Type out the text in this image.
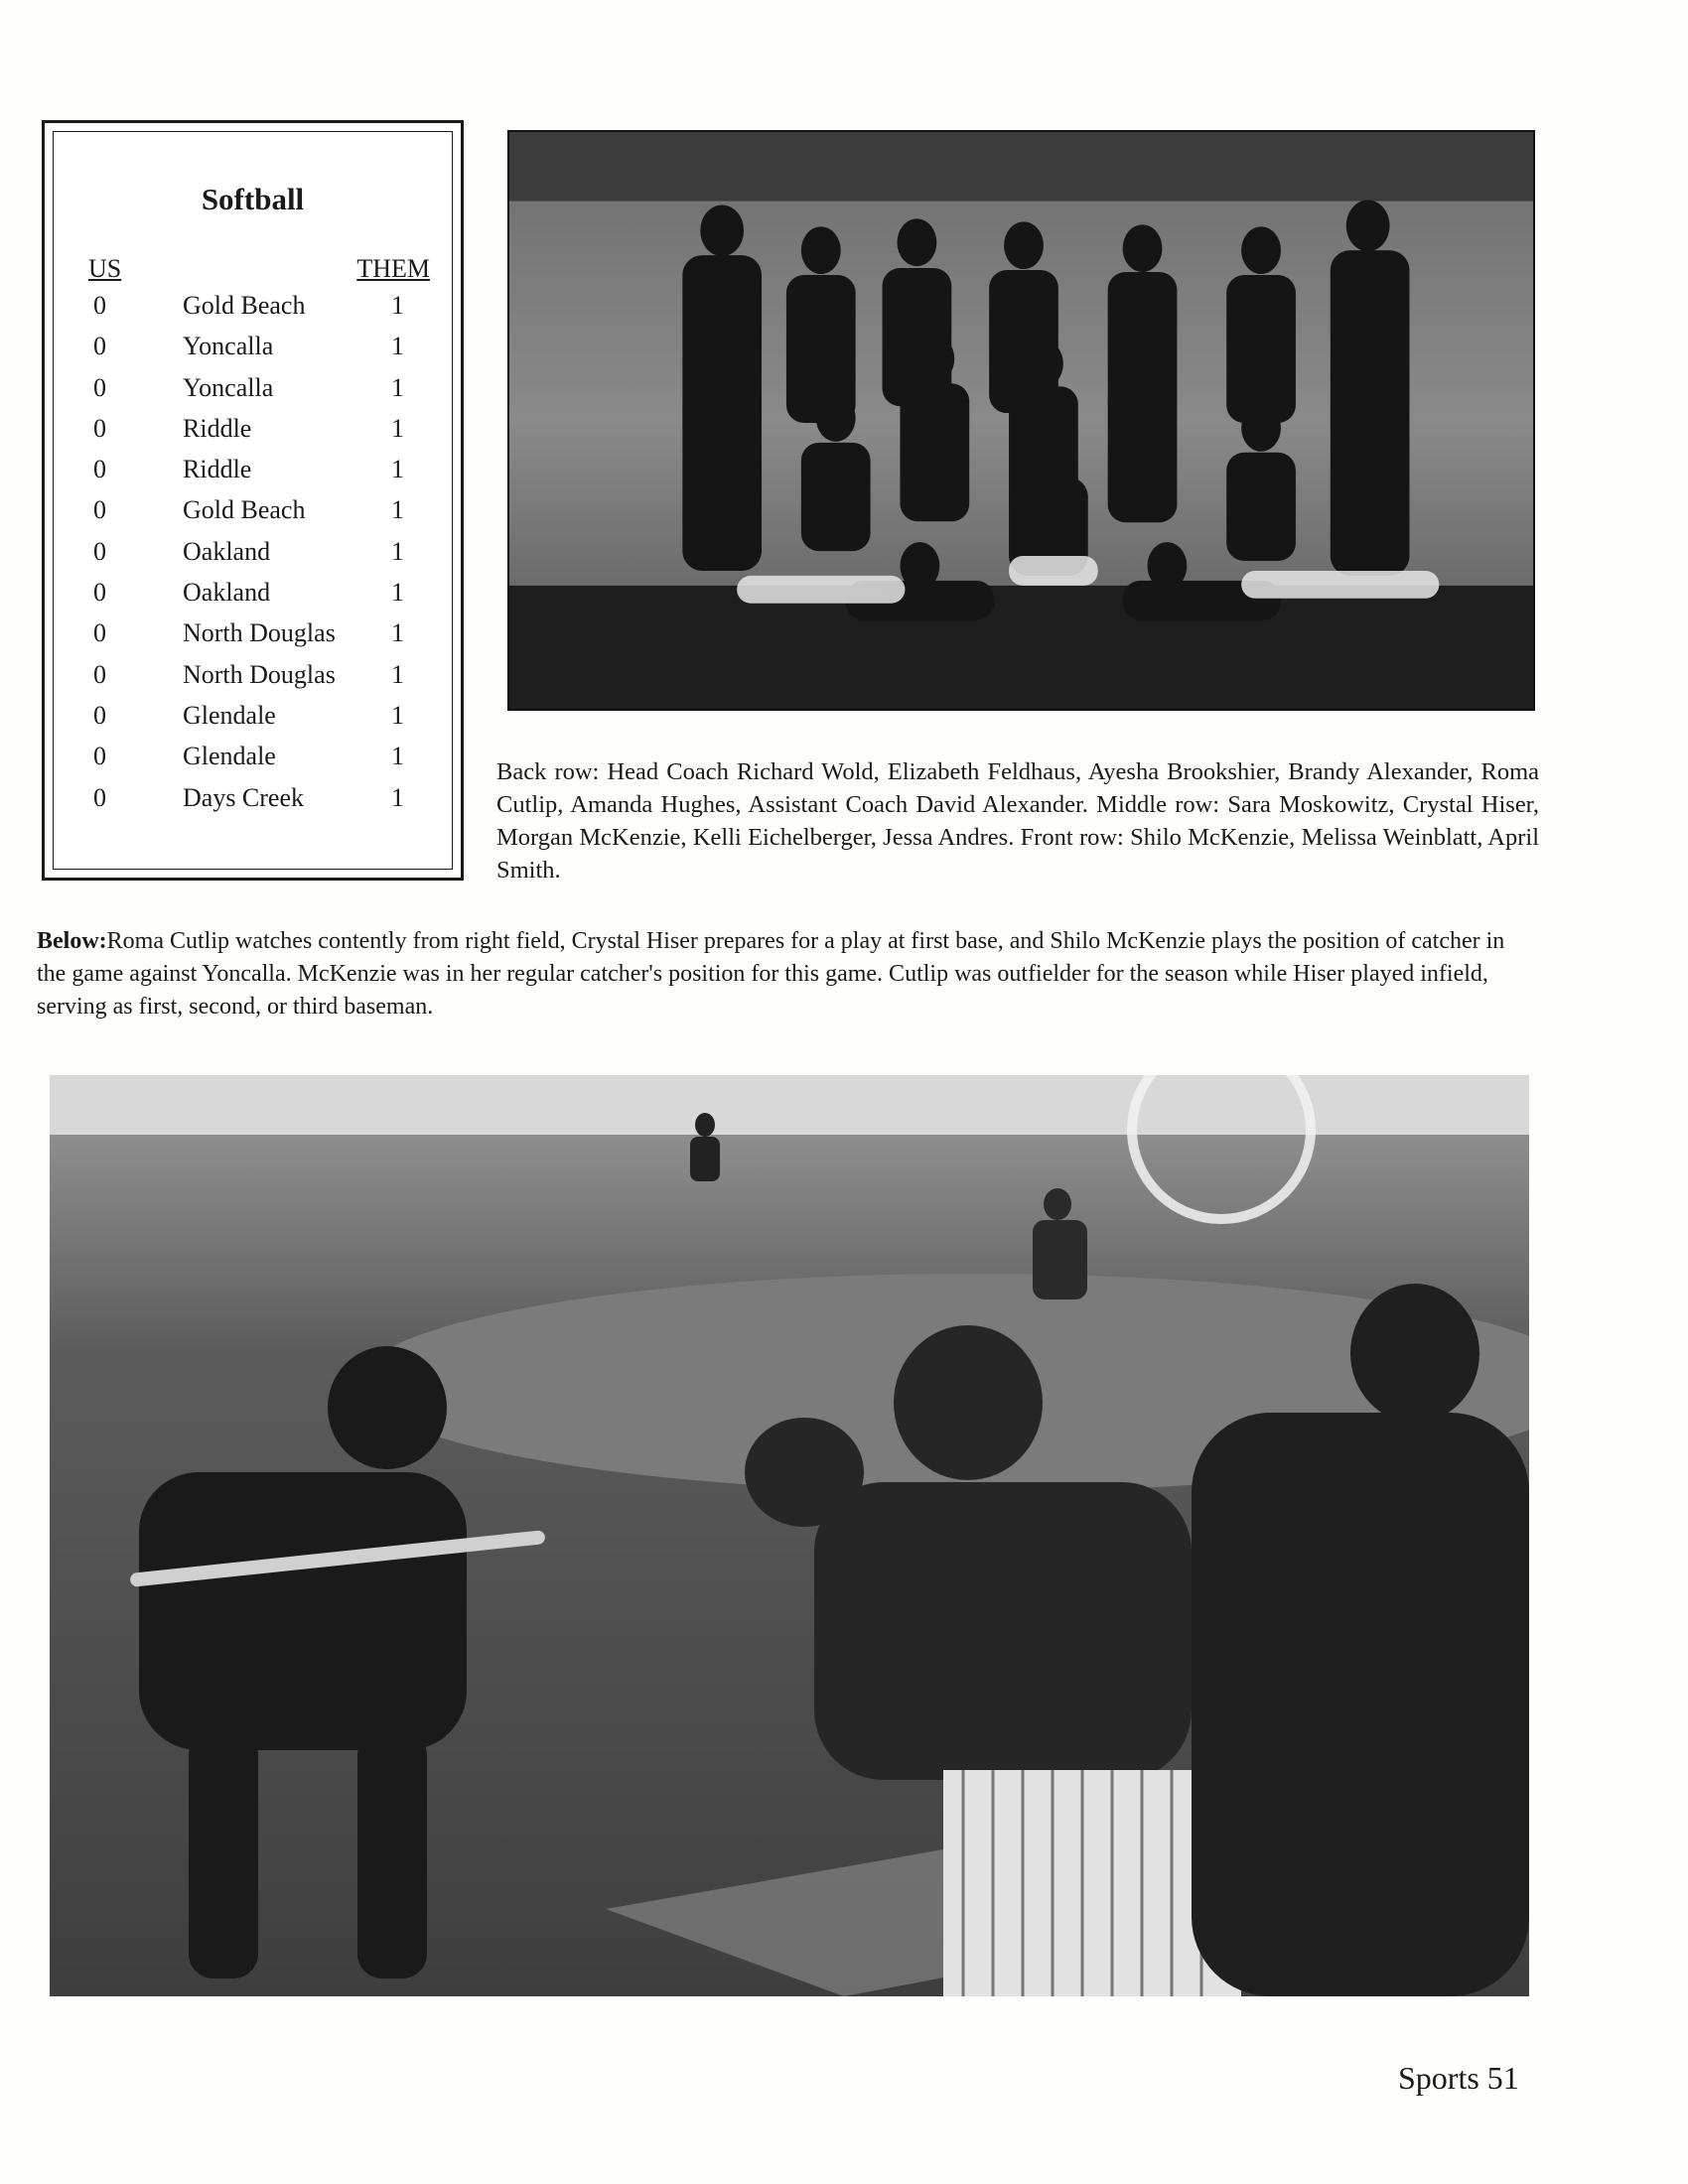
Softball
US	THEM
0	Gold Beach	1
0	Yoncalla	1
0	Yoncalla	1
0	Riddle	1
0	Riddle	1
0	Gold Beach	1
0	Oakland	1
0	Oakland	1
0	North Douglas 1
0	North Douglas 1
0	Glendale	1
0	Glendale	1
0	Days Creek	1
Back row: Head Coach Richard Wold, Elizabeth Feldhaus, Ayesha Brookshier, Brandy Alexander, Roma Cutlip, Amanda Hughes, Assistant Coach David Alexander. Middle row: Sara Moskowitz, Crystal Hiser, Morgan McKenzie, Kelli Eichelberger, Jessa Andres. Front row: Shilo McKenzie, Melissa Weinblatt, April Smith.
Below:Roma Cutlip watches contently from right field, Crystal Hiser prepares for a play at first base, and Shilo McKenzie plays the position of catcher in the game against Yoncalla. McKenzie was in her regular catcher's position for this game. Cutlip was outfielder for the season while Hiser played infield, serving as first, second, or third baseman.
Sports 51
